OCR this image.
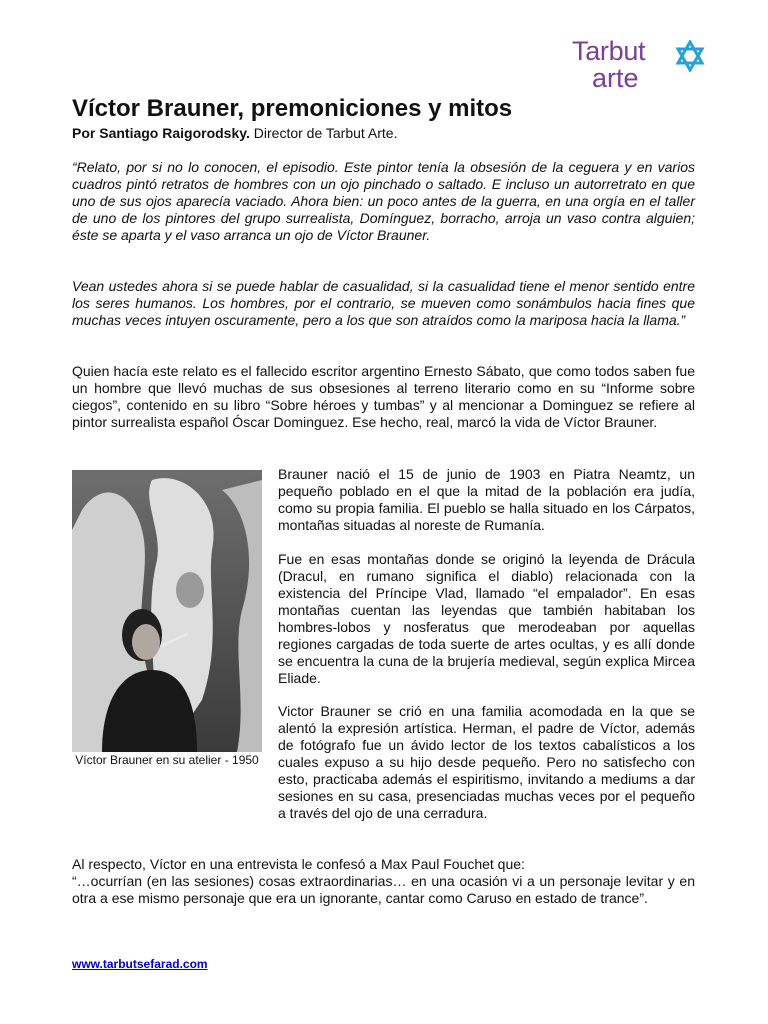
Tarbut
arte
Víctor Brauner, premoniciones y mitos
Por Santiago Raigorodsky. Director de Tarbut Arte.

“Relato, por si no lo conocen, el episodio. Este pintor tenía la obsesión de la ceguera y en varios cuadros pintó retratos de hombres con un ojo pinchado o saltado. E incluso un autorretrato en que uno de sus ojos aparecía vaciado. Ahora bien: un poco antes de la guerra, en una orgía en el taller de uno de los pintores del grupo surrealista, Domínguez, borracho, arroja un vaso contra alguien; éste se aparta y el vaso arranca un ojo de Víctor Brauner.

Vean ustedes ahora si se puede hablar de casualidad, si la casualidad tiene el menor sentido entre los seres humanos. Los hombres, por el contrario, se mueven como sonámbulos hacia fines que muchas veces intuyen oscuramente, pero a los que son atraídos como la mariposa hacia la llama.”

Quien hacía este relato es el fallecido escritor argentino Ernesto Sábato, que como todos saben fue un hombre que llevó muchas de sus obsesiones al terreno literario como en su “Informe sobre ciegos”, contenido en su libro “Sobre héroes y tumbas” y al mencionar a Dominguez se refiere al pintor surrealista español Óscar Dominguez. Ese hecho, real, marcó la vida de Víctor Brauner.

Víctor Brauner en su atelier - 1950

Brauner nació el 15 de junio de 1903 en Piatra Neamtz, un pequeño poblado en el que la mitad de la población era judía, como su propia familia. El pueblo se halla situado en los Cárpatos, montañas situadas al noreste de Rumanía.

Fue en esas montañas donde se originó la leyenda de Drácula (Dracul, en rumano significa el diablo) relacionada con la existencia del Príncipe Vlad, llamado “el empalador”. En esas montañas cuentan las leyendas que también habitaban los hombres-lobos y nosferatus que merodeaban por aquellas regiones cargadas de toda suerte de artes ocultas, y es allí donde se encuentra la cuna de la brujería medieval, según explica Mircea Eliade.

Victor Brauner se crió en una familia acomodada en la que se alentó la expresión artística. Herman, el padre de Víctor, además de fotógrafo fue un ávido lector de los textos cabalísticos a los cuales expuso a su hijo desde pequeño. Pero no satisfecho con esto, practicaba además el espiritismo, invitando a mediums a dar sesiones en su casa, presenciadas muchas veces por el pequeño a través del ojo de una cerradura.

Al respecto, Víctor en una entrevista le confesó a Max Paul Fouchet que:

“…ocurrían (en las sesiones) cosas extraordinarias… en una ocasión vi a un personaje levitar y en otra a ese mismo personaje que era un ignorante, cantar como Caruso en estado de trance”.

www.tarbutsefarad.com
